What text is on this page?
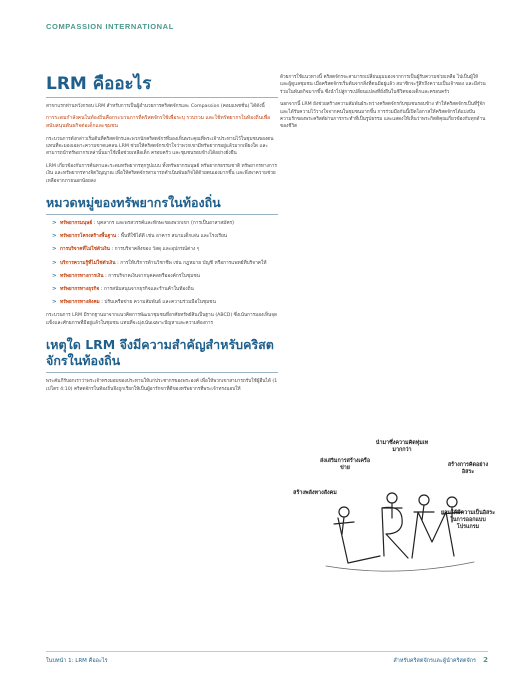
COMPASSION INTERNATIONAL
LRM คืออะไร

สาขาแรกท่านหวังกรอบ LRM สำหรับการเป็นผู้อำนวยการคริสตจักรและ Compassion (คอมแพชชั่น) ได้ดังนี้

การระดมกำลังคนในท้องถิ่นคือกระบวนการที่คริสตจักรใช้เพื่อระบุ รวบรวม และใช้ทรัพยากรในท้องถิ่นเพื่อสนับสนุนพันธกิจต่อเด็กและชุมชน

กระบวนการดังกล่าวเริ่มต้นที่คริสตจักรและพวกนักคริสตจักรที่มองเห็นพระคุณที่พระเจ้าประทานไว้ในชุมชนของตน แทนที่จะมองเฉพาะความขาดแคลน LRM ช่วยให้คริสตจักรเข้าใจว่าพวกเขามีทรัพยากรอยู่แล้วมากเพียงใด และสามารถนำทรัพยากรเหล่านั้นมาใช้เพื่อช่วยเหลือเด็ก ครอบครัว และชุมชนรอบข้างได้อย่างยั่งยืน

LRM เกี่ยวข้องกับการค้นหาและระดมทรัพยากรทุกรูปแบบ ทั้งทรัพยากรมนุษย์ ทรัพยากรธรรมชาติ ทรัพยากรทางการเงิน และทรัพยากรทางจิตวิญญาณ เพื่อให้คริสตจักรสามารถดำเนินพันธกิจได้ด้วยตนเองมากขึ้น และพึ่งพาความช่วยเหลือจากภายนอกน้อยลง

หมวดหมู่ของทรัพยากรในท้องถิ่น
> ทรัพยากรมนุษย์ : บุคลากร และพรสวรรค์และทักษะของพวกเขา (การเป็นอาสาสมัคร)
> ทรัพยากรโครงสร้างพื้นฐาน : พื้นที่ใช้ได้ดี เช่น อาคาร สนามเด็กเล่น และโรงเรียน
> การบริจาคที่ไม่ใช่ตัวเงิน : การบริจาคสิ่งของ วัสดุ และอุปกรณ์ต่าง ๆ
> บริการความรู้ที่ไม่ใช่ตัวเงิน : การให้บริการด้านวิชาชีพ เช่น กฎหมาย บัญชี หรือการแพทย์ที่บริจาคให้
> ทรัพยากรทางการเงิน : การบริจาคเงินจากบุคคลหรือองค์กรในชุมชน
> ทรัพยากรทางธุรกิจ : การสนับสนุนจากธุรกิจและร้านค้าในท้องถิ่น
> ทรัพยากรทางสังคม : ปรับเครือข่าย ความสัมพันธ์ และความร่วมมือในชุมชน

กระบวนการ LRM มีรากฐานมาจากแนวคิดการพัฒนาชุมชนที่อาศัยทรัพย์สินเป็นฐาน (ABCD) ซึ่งเน้นการมองเห็นจุดแข็งและศักยภาพที่มีอยู่แล้วในชุมชน แทนที่จะมุ่งเน้นเฉพาะปัญหาและความต้องการ

เหตุใด LRM จึงมีความสำคัญสำหรับคริสตจักรในท้องถิ่น

พระคัมภีร์บอกเราว่าพระเจ้าทรงมอบของประทานให้แก่ประชากรของพระองค์ เพื่อให้พวกเขาสามารถรับใช้ผู้อื่นได้ (1 เปโตร 4:10) คริสตจักรในท้องถิ่นจึงถูกเรียกให้เป็นผู้อารักขาที่ดีของทรัพยากรที่พระเจ้าทรงมอบให้

ด้วยการใช้แนวทางนี้ คริสตจักรจะสามารถเปลี่ยนมุมมองจากการเป็นผู้รับความช่วยเหลือ ไปเป็นผู้ให้และผู้ดูแลชุมชน เมื่อคริสตจักรเริ่มต้นจากสิ่งที่ตนมีอยู่แล้ว สมาชิกจะรู้สึกถึงความเป็นเจ้าของ และมีส่วนร่วมในพันธกิจมากขึ้น ซึ่งนำไปสู่การเปลี่ยนแปลงที่ยั่งยืนในชีวิตของเด็กและครอบครัว

นอกจากนี้ LRM ยังช่วยสร้างความสัมพันธ์ระหว่างคริสตจักรกับชุมชนรอบข้าง ทำให้คริสตจักรเป็นที่รู้จักและได้รับความไว้วางใจจากคนในชุมชนมากขึ้น การร่วมมือกันนี้เปิดโอกาสให้คริสตจักรได้แบ่งปันความรักของพระคริสต์ผ่านการกระทำที่เป็นรูปธรรม และแสดงให้เห็นว่าพระกิตติคุณเกี่ยวข้องกับทุกด้านของชีวิต

นำมาซึ่งความคิดทุ่มเทมากกว่า
ส่งเสริมการสร้างเครือข่าย	สร้างการคิดอย่างอิสระ
สร้างพลังทางสังคม
ยอมให้มีความเป็นอิสระในการออกแบบโปรแกรม
ในบทนำ 1: LRM คืออะไร	สำหรับคริสตจักรและผู้นำคริสตจักร 2
